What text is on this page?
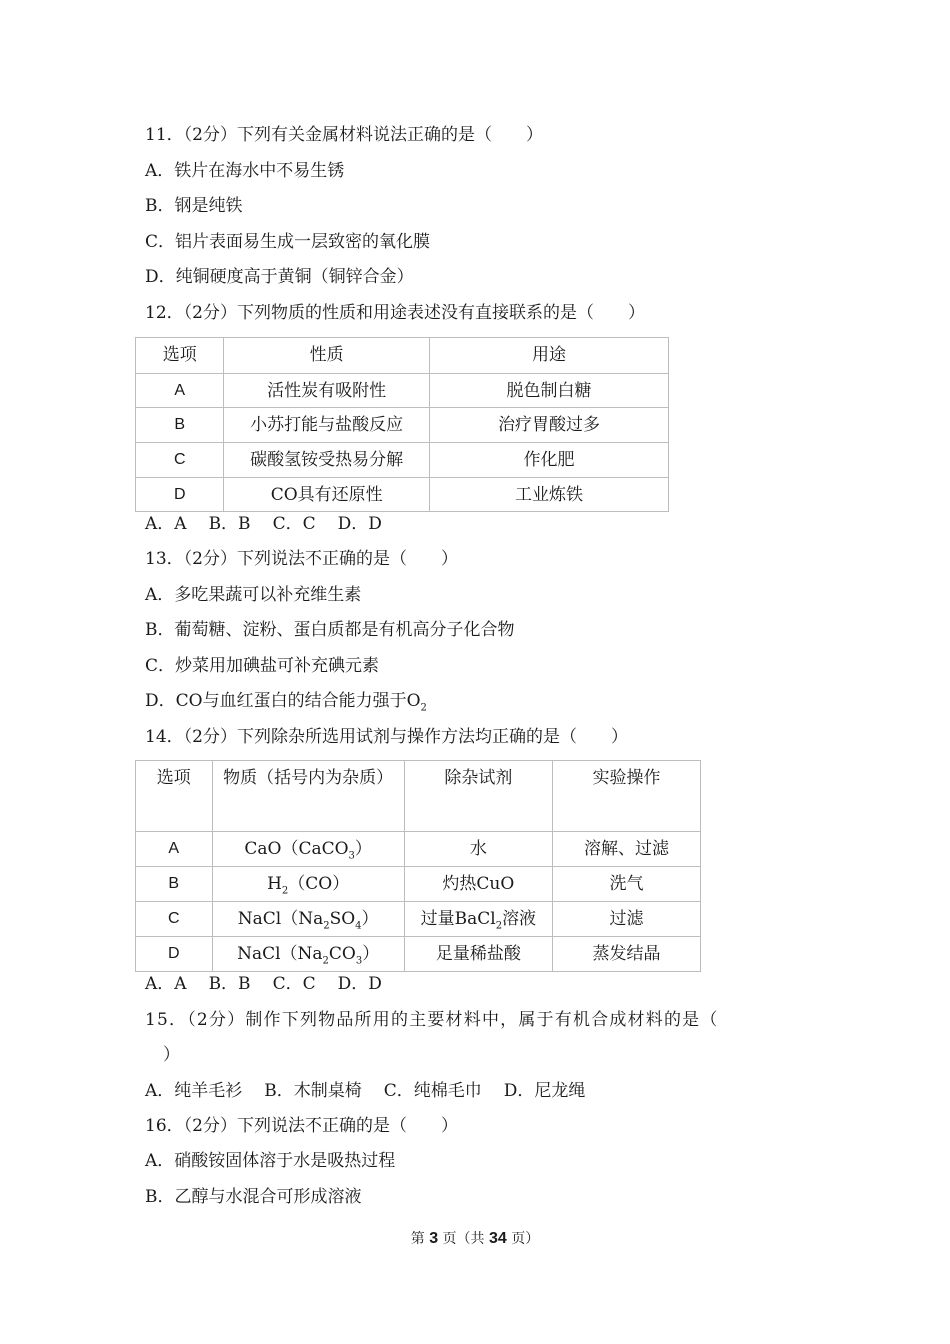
11．（2分）下列有关金属材料说法正确的是（　　）
A．铁片在海水中不易生锈
B．钢是纯铁
C．铝片表面易生成一层致密的氧化膜
D．纯铜硬度高于黄铜（铜锌合金）
12．（2分）下列物质的性质和用途表述没有直接联系的是（　　）
选项	性质	用途
A	活性炭有吸附性	脱色制白糖
B	小苏打能与盐酸反应	治疗胃酸过多
C	碳酸氢铵受热易分解	作化肥
D	CO具有还原性	工业炼铁
A．A B．B C．C D．D
13．（2分）下列说法不正确的是（　　）
A．多吃果蔬可以补充维生素
B．葡萄糖、淀粉、蛋白质都是有机高分子化合物
C．炒菜用加碘盐可补充碘元素
D．CO与血红蛋白的结合能力强于$O_2$
14．（2分）下列除杂所选用试剂与操作方法均正确的是（　　）
选项	物质（括号内为杂质）	除杂试剂	实验操作
A	CaO（CaCO$_3$）	水	溶解、过滤
B	$H_2(CO)$	灼热CuO	洗气
C	$NaCl(Na_2SO_4)$	过量BaCl$_2$溶液	过滤
D	$NaCl(Na_2CO_3)$	足量稀盐酸	蒸发结晶
A．A B．B C．C D．D
15．（2分）制作下列物品所用的主要材料中，属于有机合成材料的是（
）
A．纯羊毛衫 B．木制桌椅 C．纯棉毛巾 D．尼龙绳
16．（2分）下列说法不正确的是（　　）
A．硝酸铵固体溶于水是吸热过程
B．乙醇与水混合可形成溶液
第 3 页（共 34 页）
